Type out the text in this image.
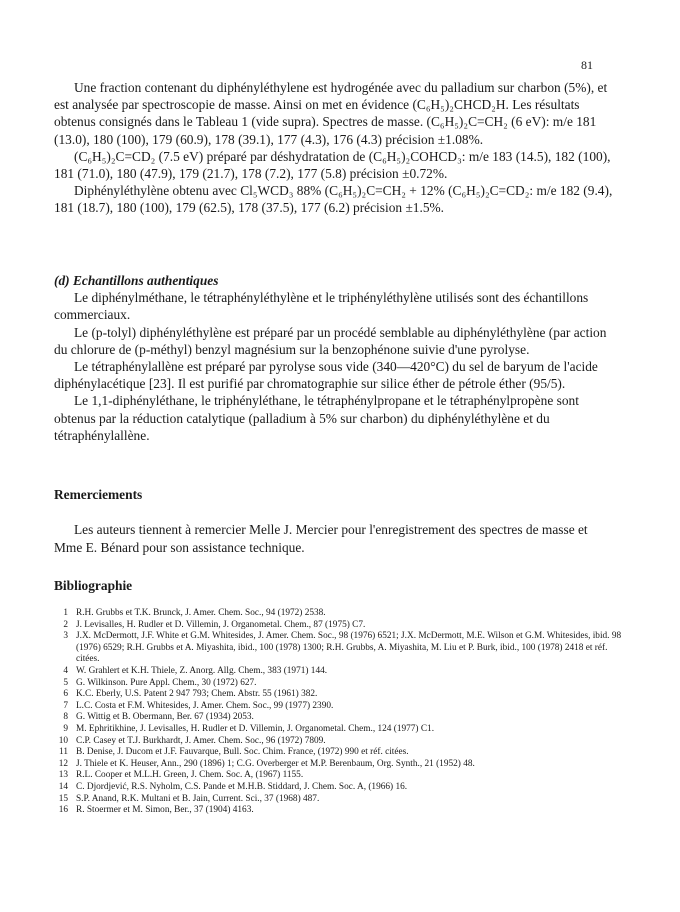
81

Une fraction contenant du diphényléthylene est hydrogénée avec du palladium sur charbon (5%), et est analysée par spectroscopie de masse. Ainsi on met en évidence (C₆H₅)₂CHCD₂H. Les résultats obtenus consignés dans le Tableau 1 (vide supra). Spectres de masse. (C₆H₅)₂C=CH₂ (6 eV): m/e 181 (13.0), 180 (100), 179 (60.9), 178 (39.1), 177 (4.3), 176 (4.3) précision ±1.08%.

(C₆H₅)₂C=CD₂ (7.5 eV) préparé par déshydratation de (C₆H₅)₂COHCD₃: m/e 183 (14.5), 182 (100), 181 (71.0), 180 (47.9), 179 (21.7), 178 (7.2), 177 (5.8) précision ±0.72%.

Diphényléthylène obtenu avec Cl₅WCD₃ 88% (C₆H₅)₂C=CH₂ + 12% (C₆H₅)₂C=CD₂: m/e 182 (9.4), 181 (18.7), 180 (100), 179 (62.5), 178 (37.5), 177 (6.2) précision ±1.5%.

(d) Echantillons authentiques

Le diphénylméthane, le tétraphényléthylène et le triphényléthylène utilisés sont des échantillons commerciaux.

Le (p-tolyl) diphényléthylène est préparé par un procédé semblable au diphényléthylène (par action du chlorure de (p-méthyl) benzyl magnésium sur la benzophénone suivie d'une pyrolyse.

Le tétraphénylallène est préparé par pyrolyse sous vide (340—420°C) du sel de baryum de l'acide diphénylacétique [23]. Il est purifié par chromatographie sur silice éther de pétrole éther (95/5).

Le 1,1-diphényléthane, le triphényléthane, le tétraphénylpropane et le tétraphénylpropène sont obtenus par la réduction catalytique (palladium à 5% sur charbon) du diphényléthylène et du tétraphénylallène.

Remerciements

Les auteurs tiennent à remercier Melle J. Mercier pour l'enregistrement des spectres de masse et Mme E. Bénard pour son assistance technique.

Bibliographie
1 R.H. Grubbs et T.K. Brunck, J. Amer. Chem. Soc., 94 (1972) 2538.
2 J. Levisalles, H. Rudler et D. Villemin, J. Organometal. Chem., 87 (1975) C7.
3 J.X. McDermott, J.F. White et G.M. Whitesides, J. Amer. Chem. Soc., 98 (1976) 6521; J.X. McDermott, M.E. Wilson et G.M. Whitesides, ibid. 98 (1976) 6529; R.H. Grubbs et A. Miyashita, ibid., 100 (1978) 1300; R.H. Grubbs, A. Miyashita, M. Liu et P. Burk, ibid., 100 (1978) 2418 et réf. citées.
4 W. Grahlert et K.H. Thiele, Z. Anorg. Allg. Chem., 383 (1971) 144.
5 G. Wilkinson. Pure Appl. Chem., 30 (1972) 627.
6 K.C. Eberly, U.S. Patent 2 947 793; Chem. Abstr. 55 (1961) 382.
7 L.C. Costa et F.M. Whitesides, J. Amer. Chem. Soc., 99 (1977) 2390.
8 G. Wittig et B. Obermann, Ber. 67 (1934) 2053.
9 M. Ephritikhine, J. Levisalles, H. Rudler et D. Villemin, J. Organometal. Chem., 124 (1977) C1.
10 C.P. Casey et T.J. Burkhardt, J. Amer. Chem. Soc., 96 (1972) 7809.
11 B. Denise, J. Ducom et J.F. Fauvarque, Bull. Soc. Chim. France, (1972) 990 et réf. citées.
12 J. Thiele et K. Heuser, Ann., 290 (1896) 1; C.G. Overberger et M.P. Berenbaum, Org. Synth., 21 (1952) 48.
13 R.L. Cooper et M.L.H. Green, J. Chem. Soc. A, (1967) 1155.
14 C. Djordjević, R.S. Nyholm, C.S. Pande et M.H.B. Stiddard, J. Chem. Soc. A, (1966) 16.
15 S.P. Anand, R.K. Multani et B. Jain, Current. Sci., 37 (1968) 487.
16 R. Stoermer et M. Simon, Ber., 37 (1904) 4163.
